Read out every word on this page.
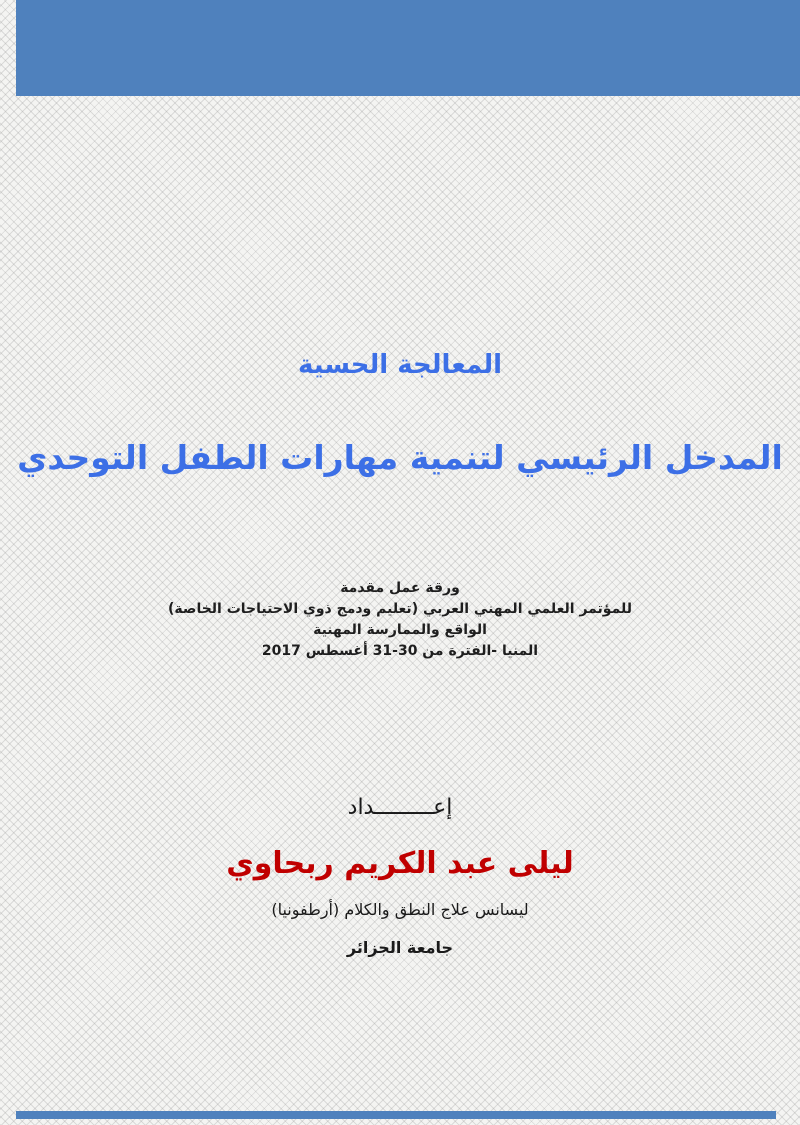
المعالجة الحسية
المدخل الرئيسي لتنمية مهارات الطفل التوحدي
ورقة عمل مقدمة
للمؤتمر العلمي المهني العربي (تعليم ودمج ذوي الاحتياجات الخاصة)
الواقع والممارسة المهنية
المنيا -الفترة من 30-31 أغسطس 2017
إعـــــــــداد
ليلى عبد الكريم ربحاوي
ليسانس علاج النطق والكلام (أرطفونيا)
جامعة الجزائر
